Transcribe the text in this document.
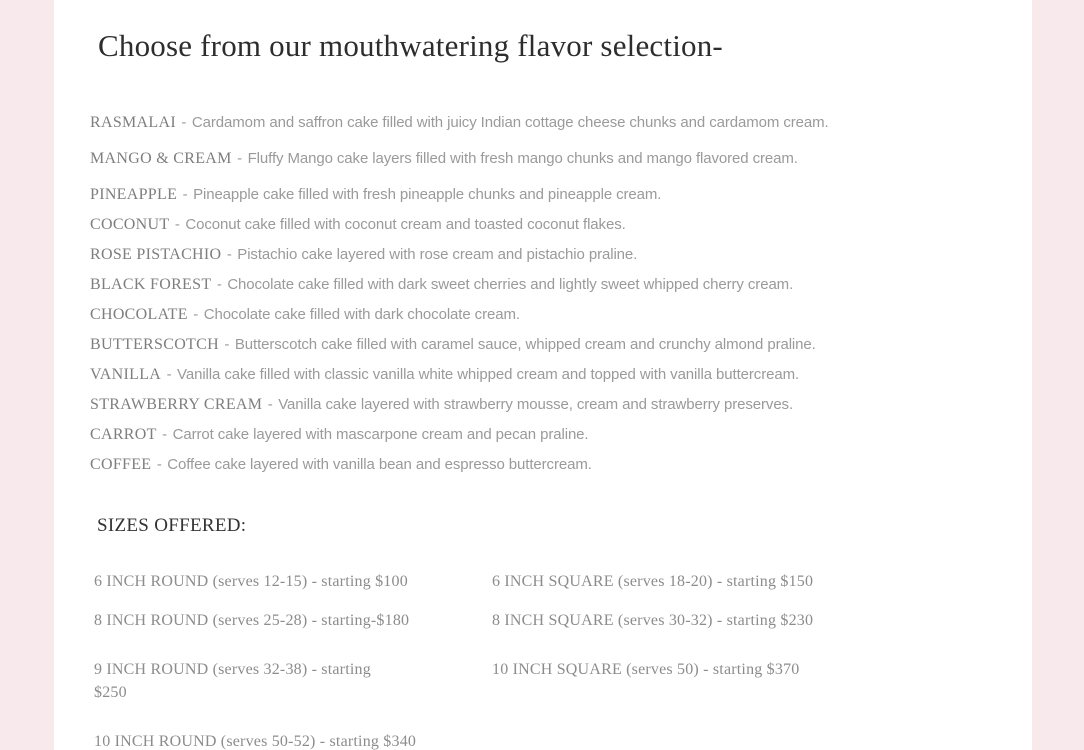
Choose from our mouthwatering flavor selection-
RASMALAI - Cardamom and saffron cake filled with juicy Indian cottage cheese chunks and cardamom cream.
MANGO & CREAM - Fluffy Mango cake layers filled with fresh mango chunks and mango flavored cream.
PINEAPPLE - Pineapple cake filled with fresh pineapple chunks and pineapple cream.
COCONUT - Coconut cake filled with coconut cream and toasted coconut flakes.
ROSE PISTACHIO - Pistachio cake layered with rose cream and pistachio praline.
BLACK FOREST - Chocolate cake filled with dark sweet cherries and lightly sweet whipped cherry cream.
CHOCOLATE - Chocolate cake filled with dark chocolate cream.
BUTTERSCOTCH - Butterscotch cake filled with caramel sauce, whipped cream and crunchy almond praline.
VANILLA - Vanilla cake filled with classic vanilla white whipped cream and topped with vanilla buttercream.
STRAWBERRY CREAM - Vanilla cake layered with strawberry mousse, cream and strawberry preserves.
CARROT - Carrot cake layered with mascarpone cream and pecan praline.
COFFEE - Coffee cake layered with vanilla bean and espresso buttercream.
SIZES OFFERED:
6 INCH ROUND (serves 12-15) - starting $100
8 INCH ROUND (serves 25-28) - starting-$180
9 INCH ROUND (serves 32-38) - starting $250
10 INCH ROUND (serves 50-52) - starting $340
6 INCH SQUARE (serves 18-20) - starting $150
8 INCH SQUARE (serves 30-32) - starting $230
10 INCH SQUARE (serves 50) - starting $370
